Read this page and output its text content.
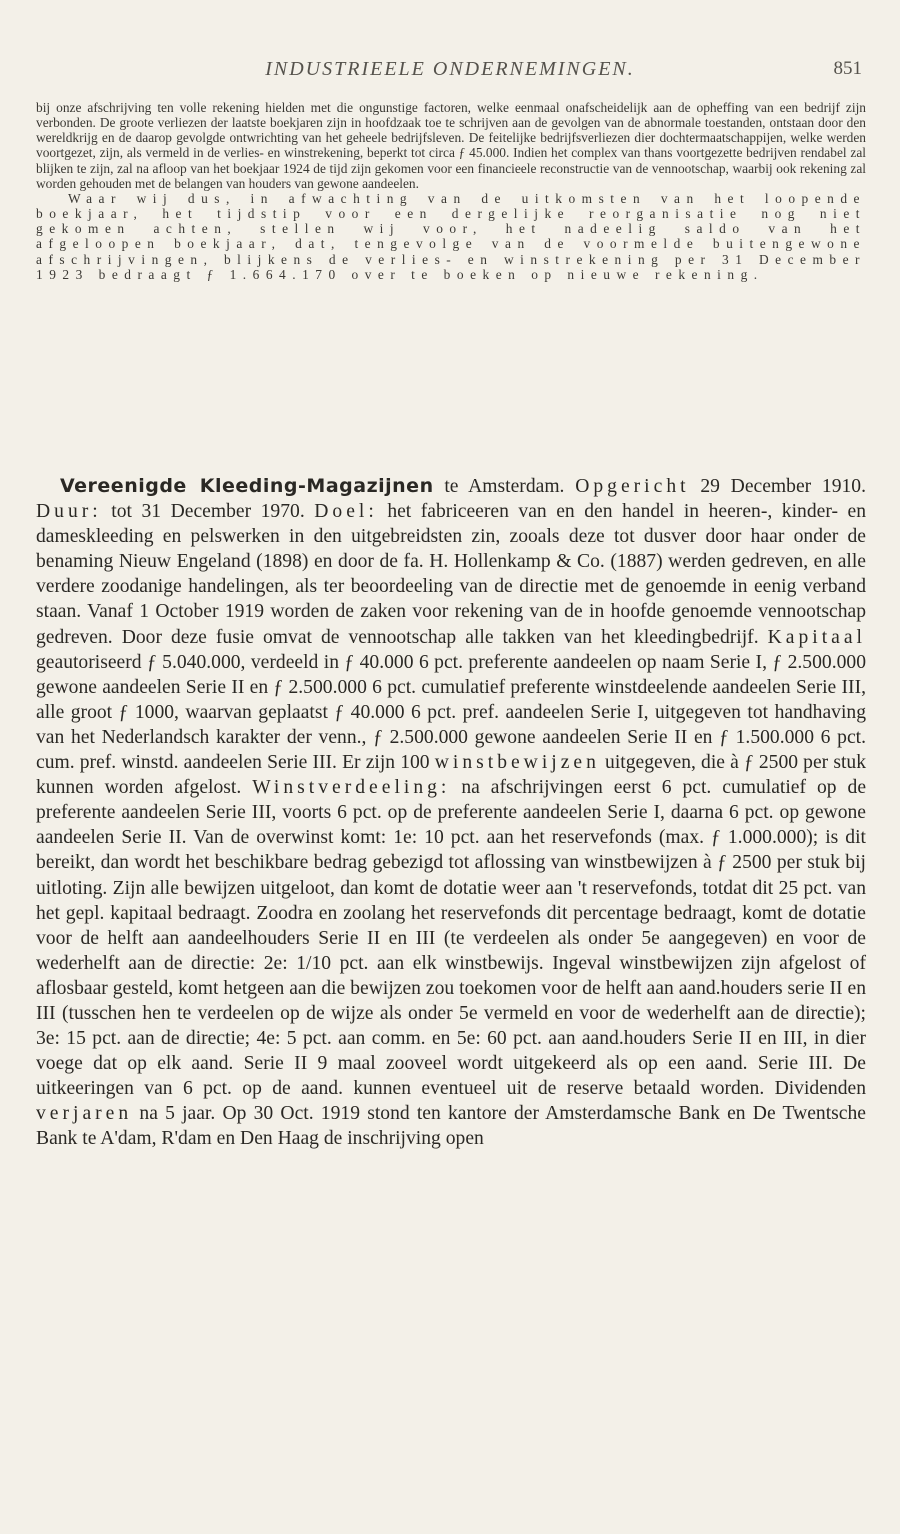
INDUSTRIEELE ONDERNEMINGEN.	851

bij onze afschrijving ten volle rekening hielden met die ongunstige factoren, welke eenmaal onafscheidelijk aan de opheffing van een bedrijf zijn verbonden. De groote verliezen der laatste boekjaren zijn in hoofdzaak toe te schrijven aan de gevolgen van de abnormale toestanden, ontstaan door den wereldkrijg en de daarop gevolgde ontwrichting van het geheele bedrijfsleven. De feitelijke bedrijfsverliezen dier dochtermaatschappijen, welke werden voortgezet, zijn, als vermeld in de verlies- en winstrekening, beperkt tot circa ƒ 45.000. Indien het complex van thans voortgezette bedrijven rendabel zal blijken te zijn, zal na afloop van het boekjaar 1924 de tijd zijn gekomen voor een financieele reconstructie van de vennootschap, waarbij ook rekening zal worden gehouden met de belangen van houders van gewone aandeelen.

Waar wij dus, in afwachting van de uitkomsten van het loopende boekjaar, het tijdstip voor een dergelijke reorganisatie nog niet gekomen achten, stellen wij voor, het nadeelig saldo van het afgeloopen boekjaar, dat, tengevolge van de voormelde buitengewone afschrijvingen, blijkens de verlies- en winstrekening per 31 December 1923 bedraagt ƒ 1.664.170 over te boeken op nieuwe rekening.

Vereenigde Kleeding-Magazijnen te Amsterdam. Opgericht 29 December 1910. Duur: tot 31 December 1970. Doel: het fabriceeren van en den handel in heeren-, kinder- en dameskleeding en pelswerken in den uitgebreidsten zin, zooals deze tot dusver door haar onder de benaming Nieuw Engeland (1898) en door de fa. H. Hollenkamp & Co. (1887) werden gedreven, en alle verdere zoodanige handelingen, als ter beoordeeling van de directie met de genoemde in eenig verband staan. Vanaf 1 October 1919 worden de zaken voor rekening van de in hoofde genoemde vennootschap gedreven. Door deze fusie omvat de vennootschap alle takken van het kleedingbedrijf. Kapitaal geautoriseerd ƒ 5.040.000, verdeeld in ƒ 40.000 6 pct. preferente aandeelen op naam Serie I, ƒ 2.500.000 gewone aandeelen Serie II en ƒ 2.500.000 6 pct. cumulatief preferente winstdeelende aandeelen Serie III, alle groot ƒ 1000, waarvan geplaatst ƒ 40.000 6 pct. pref. aandeelen Serie I, uitgegeven tot handhaving van het Nederlandsch karakter der venn., ƒ 2.500.000 gewone aandeelen Serie II en ƒ 1.500.000 6 pct. cum. pref. winstd. aandeelen Serie III. Er zijn 100 winstbewijzen uitgegeven, die à ƒ 2500 per stuk kunnen worden afgelost. Winstverdeeling: na afschrijvingen eerst 6 pct. cumulatief op de preferente aandeelen Serie III, voorts 6 pct. op de preferente aandeelen Serie I, daarna 6 pct. op gewone aandeelen Serie II. Van de overwinst komt: 1e: 10 pct. aan het reservefonds (max. ƒ 1.000.000); is dit bereikt, dan wordt het beschikbare bedrag gebezigd tot aflossing van winstbewijzen à ƒ 2500 per stuk bij uitloting. Zijn alle bewijzen uitgeloot, dan komt de dotatie weer aan 't reservefonds, totdat dit 25 pct. van het gepl. kapitaal bedraagt. Zoodra en zoolang het reservefonds dit percentage bedraagt, komt de dotatie voor de helft aan aandeelhouders Serie II en III (te verdeelen als onder 5e aangegeven) en voor de wederhelft aan de directie: 2e: 1/10 pct. aan elk winstbewijs. Ingeval winstbewijzen zijn afgelost of aflosbaar gesteld, komt hetgeen aan die bewijzen zou toekomen voor de helft aan aand.houders serie II en III (tusschen hen te verdeelen op de wijze als onder 5e vermeld en voor de wederhelft aan de directie); 3e: 15 pct. aan de directie; 4e: 5 pct. aan comm. en 5e: 60 pct. aan aand.houders Serie II en III, in dier voege dat op elk aand. Serie II 9 maal zooveel wordt uitgekeerd als op een aand. Serie III. De uitkeeringen van 6 pct. op de aand. kunnen eventueel uit de reserve betaald worden. Dividenden verjaren na 5 jaar. Op 30 Oct. 1919 stond ten kantore der Amsterdamsche Bank en De Twentsche Bank te A'dam, R'dam en Den Haag de inschrijving open
